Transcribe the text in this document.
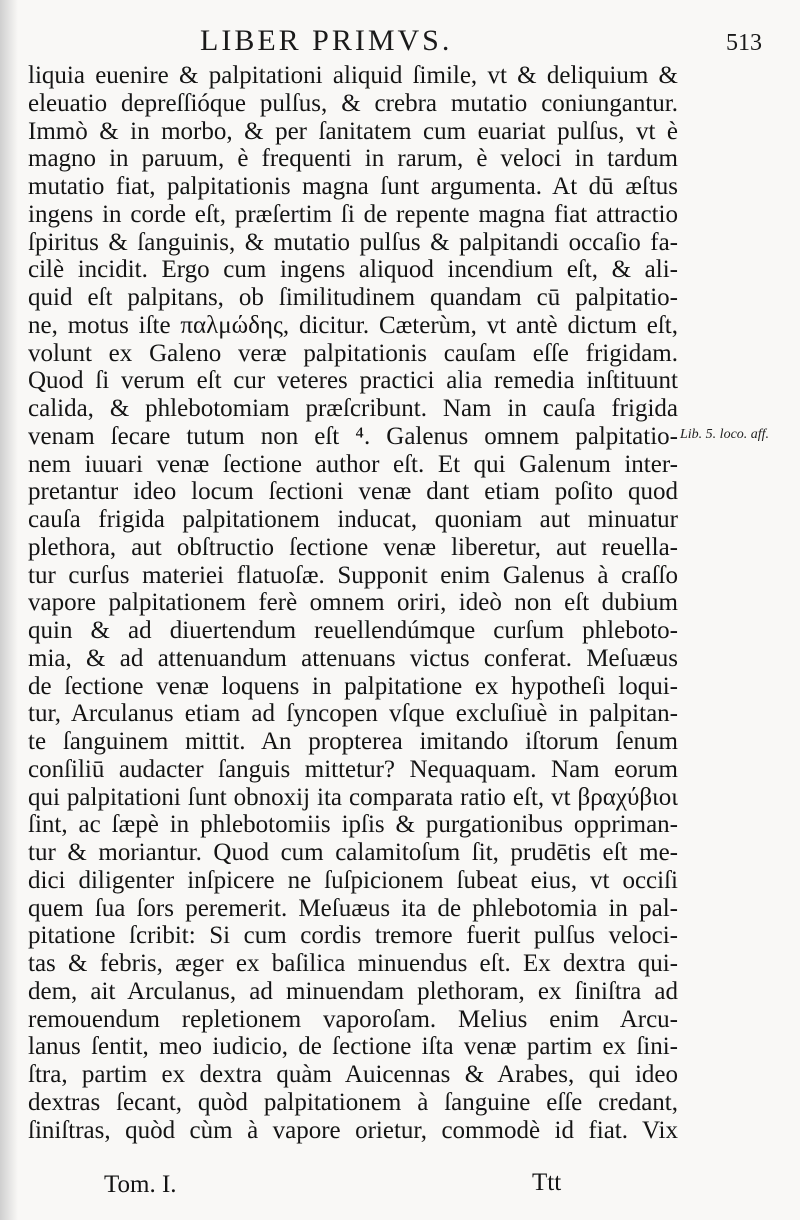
LIBER PRIMVS.	513
liquia euenire & palpitationi aliquid ſimile, vt & deliquium &
eleuatio depreſſióque pulſus, & crebra mutatio coniungantur.
Immò & in morbo, & per ſanitatem cum euariat pulſus, vt è
magno in paruum, è frequenti in rarum, è veloci in tardum
mutatio fiat, palpitationis magna ſunt argumenta. At dū æſtus
ingens in corde eſt, præſertim ſi de repente magna fiat attractio
ſpiritus & ſanguinis, & mutatio pulſus & palpitandi occaſio fa-
cilè incidit. Ergo cum ingens aliquod incendium eſt, & ali-
quid eſt palpitans, ob ſimilitudinem quandam cū palpitatio-
ne, motus iſte παλμώδης, dicitur. Cæterùm, vt antè dictum eſt,
volunt ex Galeno veræ palpitationis cauſam eſſe frigidam.
Quod ſi verum eſt cur veteres practici alia remedia inſtituunt
calida, & phlebotomiam præſcribunt. Nam in cauſa frigida
venam ſecare tutum non eſt ⁴. Galenus omnem palpitatio-
nem iuuari venæ ſectione author eſt. Et qui Galenum inter-
pretantur ideo locum ſectioni venæ dant etiam poſito quod
cauſa frigida palpitationem inducat, quoniam aut minuatur
plethora, aut obſtructio ſectione venæ liberetur, aut reuella-
tur curſus materiei flatuoſæ. Supponit enim Galenus à craſſo
vapore palpitationem ferè omnem oriri, ideò non eſt dubium
quin & ad diuertendum reuellendúmque curſum phleboto-
mia, & ad attenuandum attenuans victus conferat. Meſuæus
de ſectione venæ loquens in palpitatione ex hypotheſi loqui-
tur, Arculanus etiam ad ſyncopen vſque excluſiuè in palpitan-
te ſanguinem mittit. An propterea imitando iſtorum ſenum
conſiliū audacter ſanguis mittetur? Nequaquam. Nam eorum
qui palpitationi ſunt obnoxij ita comparata ratio eſt, vt βραχύβιοι
ſint, ac ſæpè in phlebotomiis ipſis & purgationibus oppriman-
tur & moriantur. Quod cum calamitoſum ſit, prudētis eſt me-
dici diligenter inſpicere ne ſuſpicionem ſubeat eius, vt occiſi
quem ſua ſors peremerit. Meſuæus ita de phlebotomia in pal-
pitatione ſcribit: Si cum cordis tremore fuerit pulſus veloci-
tas & febris, æger ex baſilica minuendus eſt. Ex dextra qui-
dem, ait Arculanus, ad minuendam plethoram, ex ſiniſtra ad
remouendum repletionem vaporoſam. Melius enim Arcu-
lanus ſentit, meo iudicio, de ſectione iſta venæ partim ex ſini-
ſtra, partim ex dextra quàm Auicennas & Arabes, qui ideo
dextras ſecant, quòd palpitationem à ſanguine eſſe credant,
ſiniſtras, quòd cùm à vapore orietur, commodè id fiat. Vix
Lib. 5. loco. aff.
Tom. I.	Ttt
